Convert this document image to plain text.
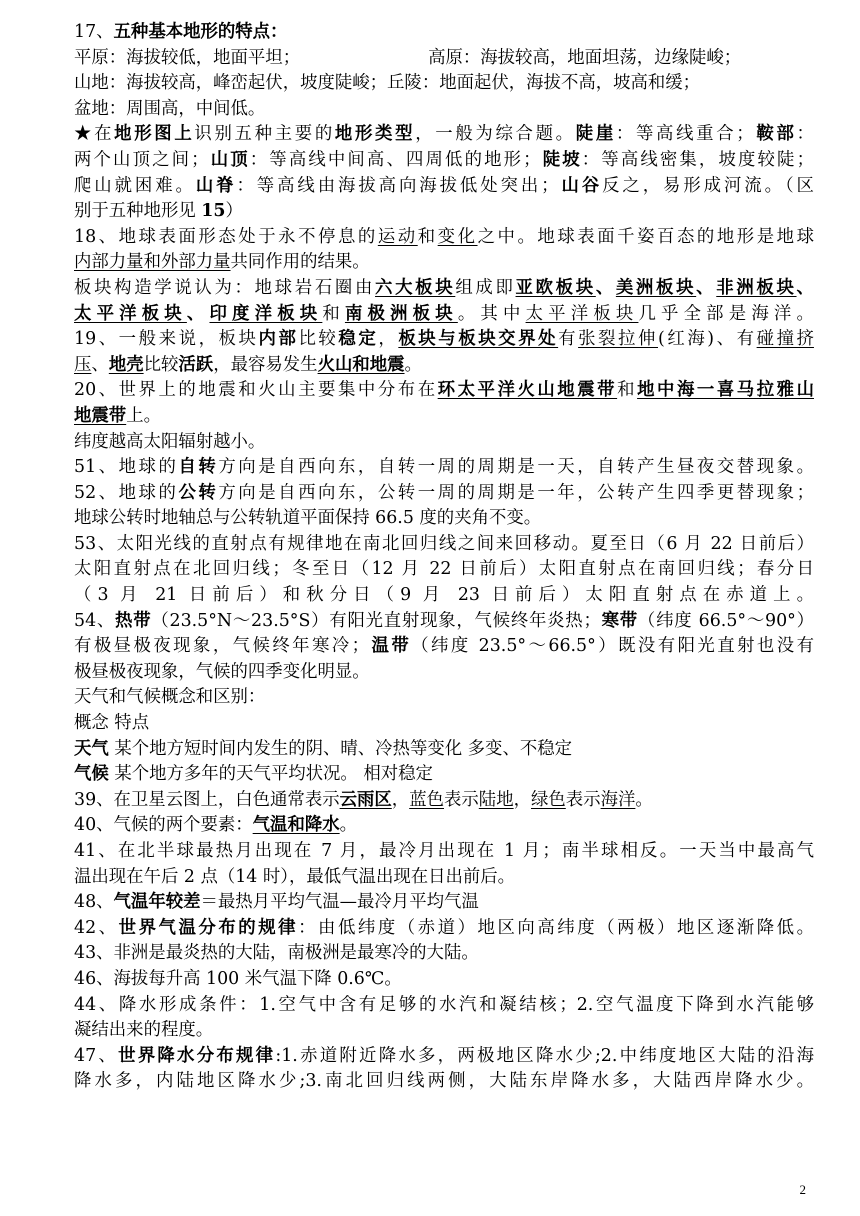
17、五种基本地形的特点：
平原：海拔较低，地面平坦；	高原：海拔较高，地面坦荡，边缘陡峻；
山地：海拔较高，峰峦起伏，坡度陡峻；丘陵：地面起伏，海拔不高，坡高和缓；
盆地：周围高，中间低。
★在地形图上识别五种主要的地形类型，一般为综合题。陡崖：等高线重合；鞍部：
两个山顶之间；山顶：等高线中间高、四周低的地形；陡坡：等高线密集，坡度较陡；
爬山就困难。山脊：等高线由海拔高向海拔低处突出；山谷反之，易形成河流。（区
别于五种地形见 15）
18、地球表面形态处于永不停息的运动和变化之中。地球表面千姿百态的地形是地球
内部力量和外部力量共同作用的结果。
板块构造学说认为：地球岩石圈由六大板块组成即亚欧板块、美洲板块、非洲板块、
太平洋板块、印度洋板块和南极洲板块。其中太平洋板块几乎全部是海洋。
19、一般来说，板块内部比较稳定，板块与板块交界处有张裂拉伸(红海)、有碰撞挤
压、地壳比较活跃，最容易发生火山和地震。
20、世界上的地震和火山主要集中分布在环太平洋火山地震带和地中海一喜马拉雅山
地震带上。
纬度越高太阳辐射越小。
51、地球的自转方向是自西向东，自转一周的周期是一天，自转产生昼夜交替现象。
52、地球的公转方向是自西向东，公转一周的周期是一年，公转产生四季更替现象；
地球公转时地轴总与公转轨道平面保持 66.5 度的夹角不变。
53、太阳光线的直射点有规律地在南北回归线之间来回移动。夏至日（6 月 22 日前后）
太阳直射点在北回归线；冬至日（12 月 22 日前后）太阳直射点在南回归线；春分日
（3 月 21 日前后）和秋分日（9 月 23 日前后）太阳直射点在赤道上。
54、热带（23.5°N～23.5°S）有阳光直射现象，气候终年炎热；寒带（纬度 66.5°～90°）
有极昼极夜现象，气候终年寒冷；温带（纬度 23.5°～66.5°）既没有阳光直射也没有
极昼极夜现象，气候的四季变化明显。
天气和气候概念和区别：
概念 特点
天气 某个地方短时间内发生的阴、晴、冷热等变化 多变、不稳定
气候 某个地方多年的天气平均状况。 相对稳定
39、在卫星云图上，白色通常表示云雨区，蓝色表示陆地，绿色表示海洋。
40、气候的两个要素：气温和降水。
41、在北半球最热月出现在 7 月，最冷月出现在 1 月；南半球相反。一天当中最高气
温出现在午后 2 点（14 时），最低气温出现在日出前后。
48、气温年较差＝最热月平均气温—最冷月平均气温
42、世界气温分布的规律：由低纬度（赤道）地区向高纬度（两极）地区逐渐降低。
43、非洲是最炎热的大陆，南极洲是最寒冷的大陆。
46、海拔每升高 100 米气温下降 0.6℃。
44、降水形成条件：1.空气中含有足够的水汽和凝结核；2.空气温度下降到水汽能够
凝结出来的程度。
47、世界降水分布规律:1.赤道附近降水多，两极地区降水少;2.中纬度地区大陆的沿海
降水多，内陆地区降水少;3.南北回归线两侧，大陆东岸降水多，大陆西岸降水少。
2
